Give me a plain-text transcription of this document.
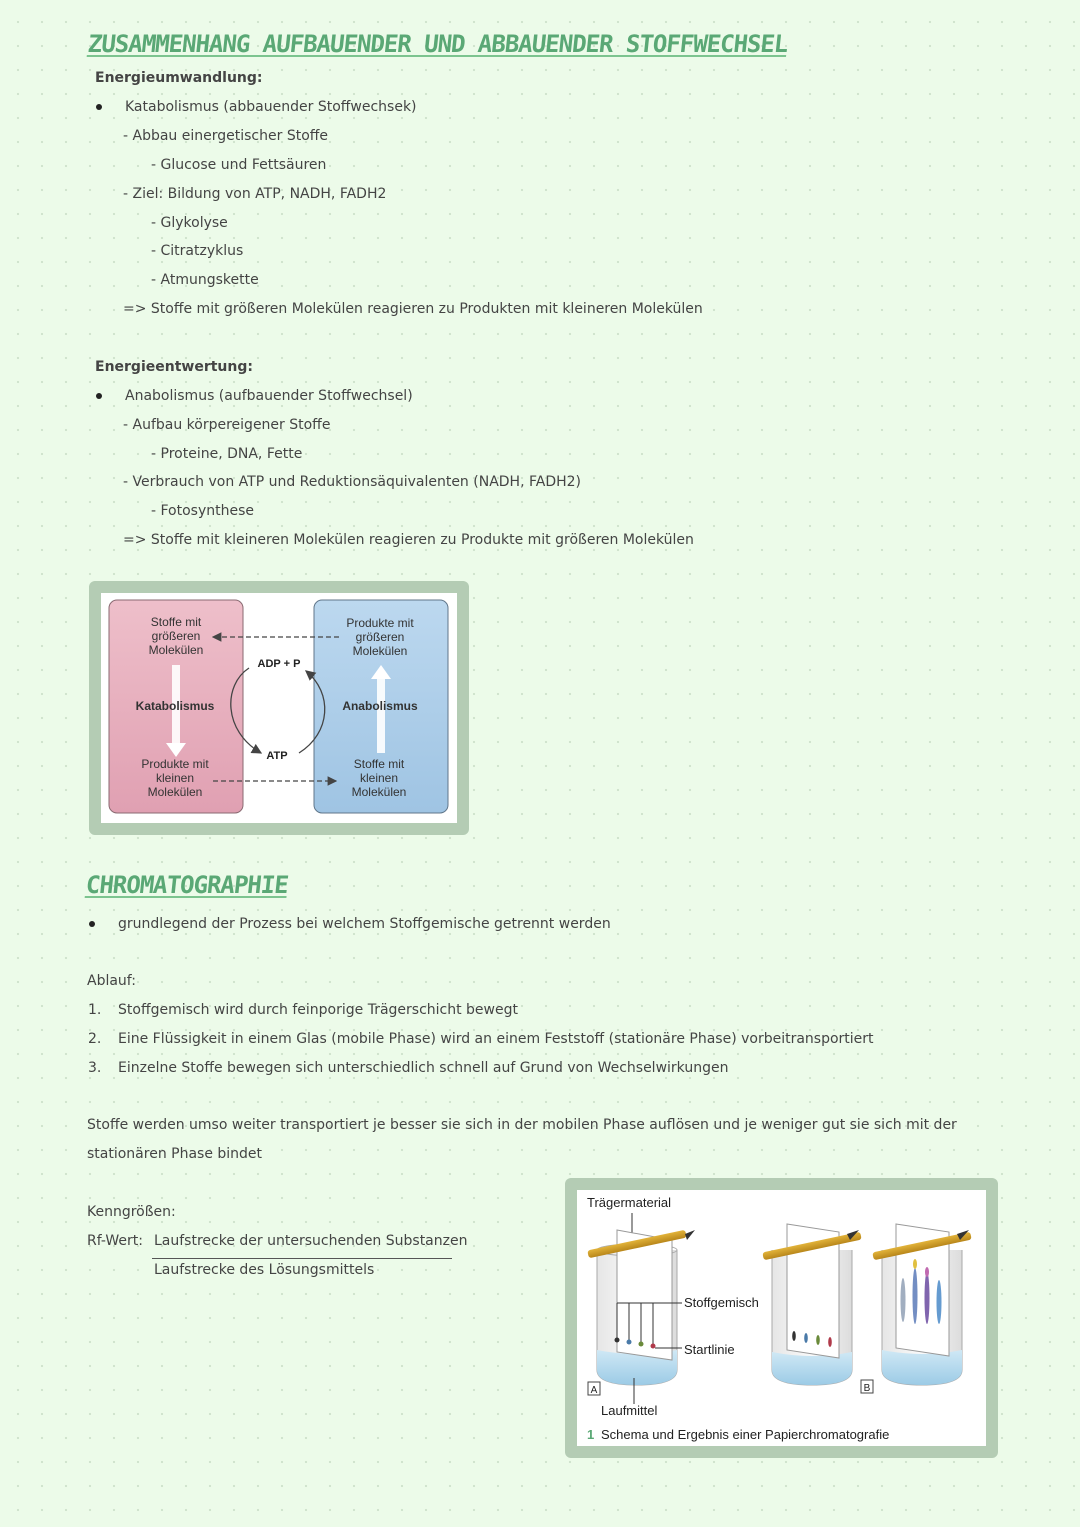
ZUSAMMENHANG AUFBAUENDER UND ABBAUENDER STOFFWECHSEL
Energieumwandlung:
Katabolismus (abbauender Stoffwechsek)
- Abbau einergetischer Stoffe
- Glucose und Fettsäuren
- Ziel: Bildung von ATP, NADH, FADH2
- Glykolyse
- Citratzyklus
- Atmungskette
=> Stoffe mit größeren Molekülen reagieren zu Produkten mit kleineren Molekülen
Energieentwertung:
Anabolismus (aufbauender Stoffwechsel)
- Aufbau körpereigener Stoffe
- Proteine, DNA, Fette
- Verbrauch von ATP und Reduktionsäquivalenten (NADH, FADH2)
- Fotosynthese
=> Stoffe mit kleineren Molekülen reagieren zu Produkte mit größeren Molekülen
ADP + P
ATP
Stoffe mit
größeren
Molekülen
Katabolismus
Produkte mit
kleinen
Molekülen
Produkte mit
größeren
Molekülen
Anabolismus
Stoffe mit
kleinen
Molekülen
CHROMATOGRAPHIE
grundlegend der Prozess bei welchem Stoffgemische getrennt werden
Ablauf:
1. Stoffgemisch wird durch feinporige Trägerschicht bewegt
2. Eine Flüssigkeit in einem Glas (mobile Phase) wird an einem Feststoff (stationäre Phase) vorbeitransportiert
3. Einzelne Stoffe bewegen sich unterschiedlich schnell auf Grund von Wechselwirkungen
Stoffe werden umso weiter transportiert je besser sie sich in der mobilen Phase auflösen und je weniger gut sie sich mit der
stationären Phase bindet
Kenngrößen:
Rf-Wert: Laufstrecke der untersuchenden Substanzen
Laufstrecke des Lösungsmittels
Trägermaterial
Stoffgemisch
Startlinie
A
Laufmittel
B
1 Schema und Ergebnis einer Papierchromatografie
